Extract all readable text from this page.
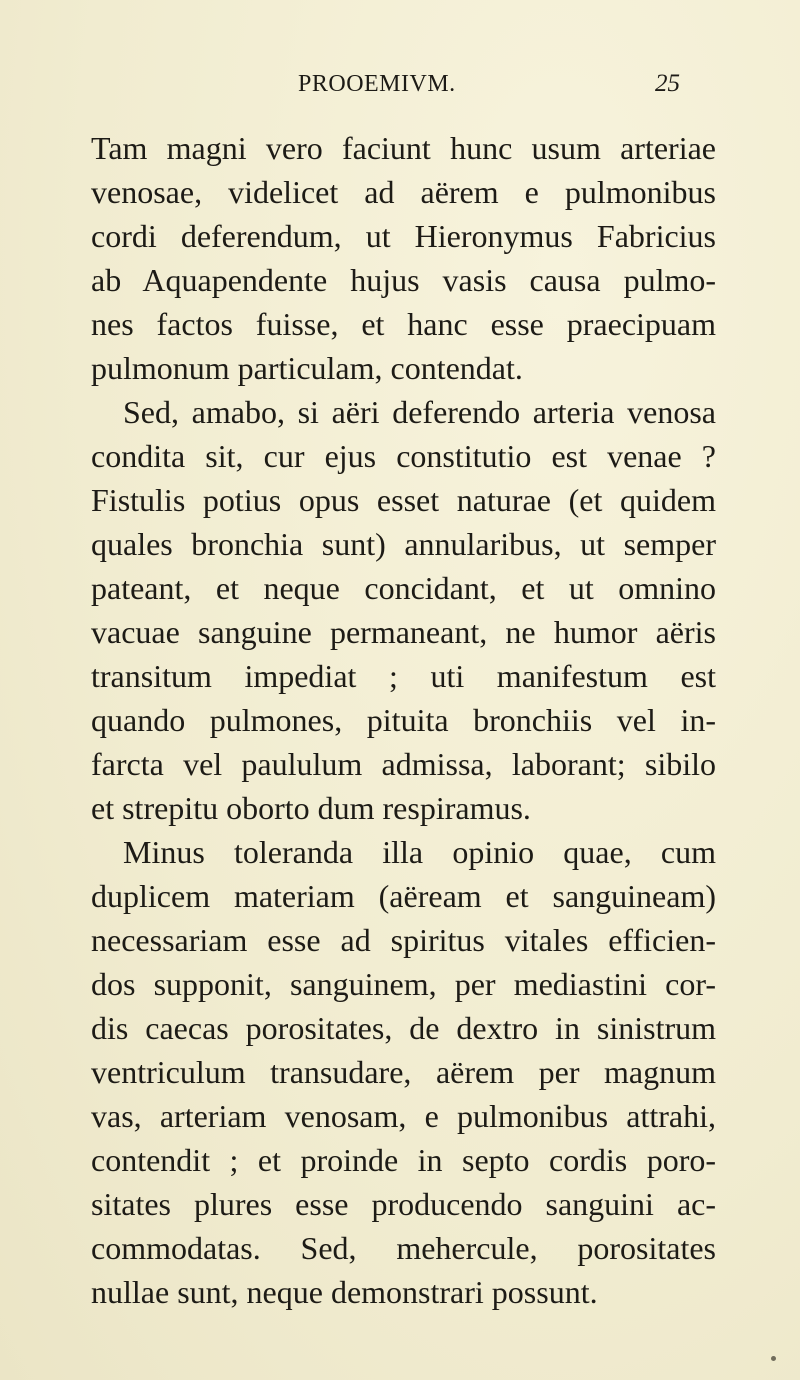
PROOEMIVM.	25
Tam magni vero faciunt hunc usum arteriae
venosae, videlicet ad aërem e pulmonibus
cordi deferendum, ut Hieronymus Fabricius
ab Aquapendente hujus vasis causa pulmo-
nes factos fuisse, et hanc esse praecipuam
pulmonum particulam, contendat.
Sed, amabo, si aëri deferendo arteria venosa
condita sit, cur ejus constitutio est venae ?
Fistulis potius opus esset naturae (et quidem
quales bronchia sunt) annularibus, ut semper
pateant, et neque concidant, et ut omnino
vacuae sanguine permaneant, ne humor aëris
transitum impediat ; uti manifestum est
quando pulmones, pituita bronchiis vel in-
farcta vel paululum admissa, laborant; sibilo
et strepitu oborto dum respiramus.
Minus toleranda illa opinio quae, cum
duplicem materiam (aëream et sanguineam)
necessariam esse ad spiritus vitales efficien-
dos supponit, sanguinem, per mediastini cor-
dis caecas porositates, de dextro in sinistrum
ventriculum transudare, aërem per magnum
vas, arteriam venosam, e pulmonibus attrahi,
contendit ; et proinde in septo cordis poro-
sitates plures esse producendo sanguini ac-
commodatas. Sed, mehercule, porositates
nullae sunt, neque demonstrari possunt.
